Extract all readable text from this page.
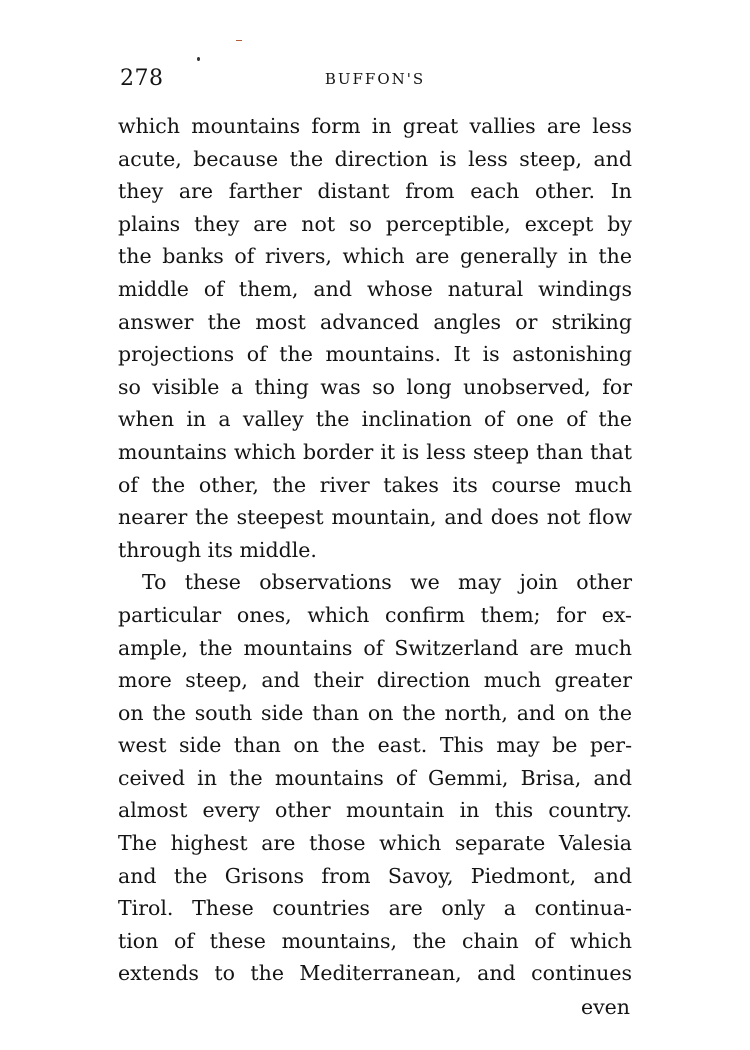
278	BUFFON'S
which mountains form in great vallies are less
acute, because the direction is less steep, and
they are farther distant from each other. In
plains they are not so perceptible, except by
the banks of rivers, which are generally in the
middle of them, and whose natural windings
answer the most advanced angles or striking
projections of the mountains. It is astonishing
so visible a thing was so long unobserved, for
when in a valley the inclination of one of the
mountains which border it is less steep than that
of the other, the river takes its course much
nearer the steepest mountain, and does not flow
through its middle.
To these observations we may join other
particular ones, which confirm them; for ex-
ample, the mountains of Switzerland are much
more steep, and their direction much greater
on the south side than on the north, and on the
west side than on the east. This may be per-
ceived in the mountains of Gemmi, Brisa, and
almost every other mountain in this country.
The highest are those which separate Valesia
and the Grisons from Savoy, Piedmont, and
Tirol. These countries are only a continua-
tion of these mountains, the chain of which
extends to the Mediterranean, and continues
even
